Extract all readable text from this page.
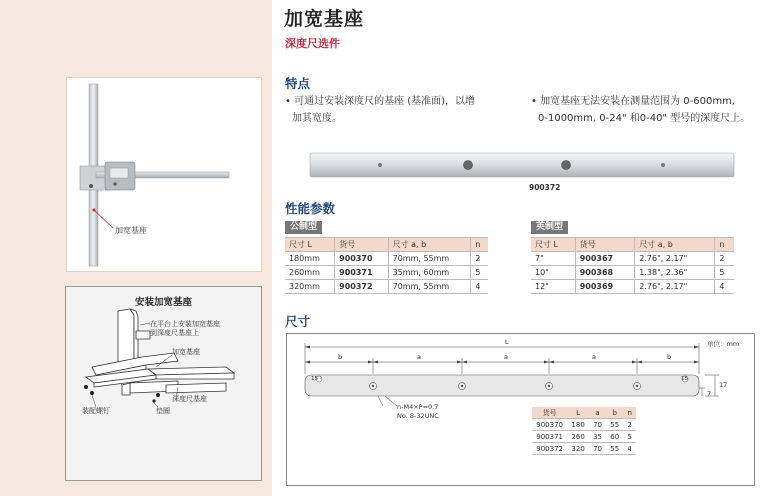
加宽基座
安装加宽基座
在平台上安装加宽基座
到深度尺基座上
加宽基座
深度尺基座
装配螺钉	垫圈
加宽基座
深度尺选件
特点
• 可通过安装深度尺的基座 (基准面)，以增
加其宽度。
• 加宽基座无法安装在测量范围为 0-600mm,
0-1000mm, 0-24" 和0-40" 型号的深度尺上。
900372
性能参数
公制型
尺寸 L	货号	尺寸 a, b	n
180mm	900370	70mm, 55mm	2
260mm	900371	35mm, 60mm	5
320mm	900372	70mm, 55mm	4
英制型
尺寸 L	货号	尺寸 a, b	n
7"	900367	2.76", 2.17"	2
10"	900368	1.38", 2.36"	5
12"	900369	2.76", 2.17"	4
尺寸
单位：mm
L
b	a	a	a	b
17
7
15	15
n-M4×P=0.7
No. 8-32UNC	货号	L	a	b	n
900370	180	70	55	2
900371	260	35	60	5
900372	320	70	55	4
